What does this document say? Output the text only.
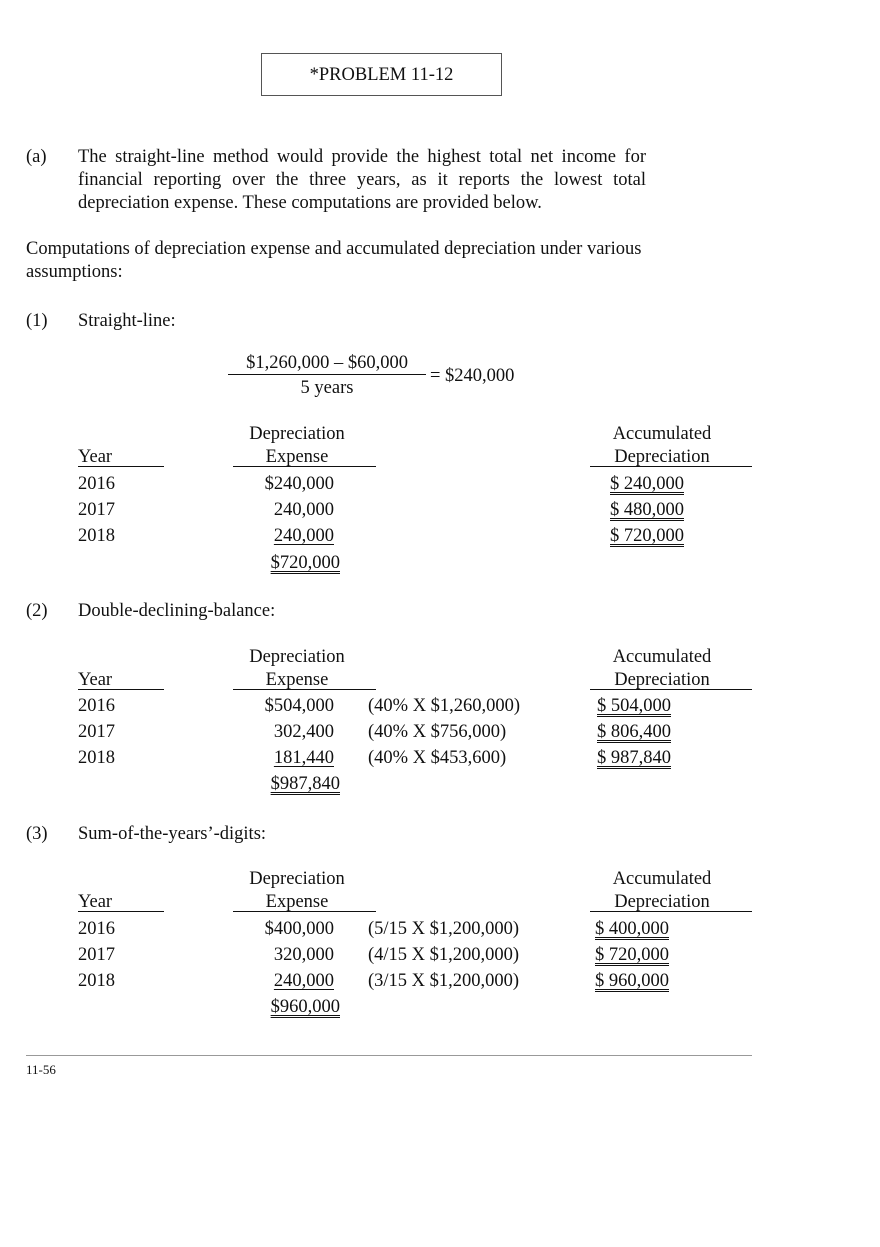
*PROBLEM 11-12
(a) The straight-line method would provide the highest total net income for financial reporting over the three years, as it reports the lowest total depreciation expense. These computations are provided below.
Computations of depreciation expense and accumulated depreciation under various assumptions:
(1) Straight-line:
$1,260,000 – $60,000
5 years
= $240,000
Depreciation	Accumulated
Year	Expense	Depreciation
2016	$240,000	$ 240,000
2017	240,000	$ 480,000
2018	240,000	$ 720,000
$720,000
(2) Double-declining-balance:
Depreciation	Accumulated
Year	Expense	Depreciation
2016	$504,000 (40% X $1,260,000)	$ 504,000
2017	302,400 (40% X $756,000)	$ 806,400
2018	181,440 (40% X $453,600)	$ 987,840
$987,840
(3) Sum-of-the-years’-digits:
Depreciation	Accumulated
Year	Expense	Depreciation
2016	$400,000 (5/15 X $1,200,000)	$ 400,000
2017	320,000 (4/15 X $1,200,000)	$ 720,000
2018	240,000 (3/15 X $1,200,000)	$ 960,000
$960,000
11-56
